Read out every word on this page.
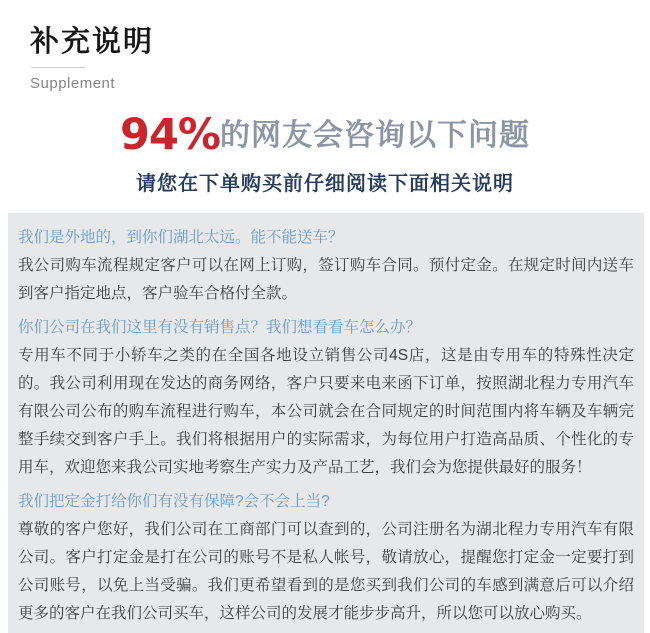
补充说明
Supplement
94%的网友会咨询以下问题
请您在下单购买前仔细阅读下面相关说明
我们是外地的，到你们湖北太远。能不能送车？
我公司购车流程规定客户可以在网上订购，签订购车合同。预付定金。在规定时间内送车到客户指定地点，客户验车合格付全款。
你们公司在我们这里有没有销售点？我们想看看车怎么办？
专用车不同于小轿车之类的在全国各地设立销售公司4S店，这是由专用车的特殊性决定的。我公司利用现在发达的商务网络，客户只要来电来函下订单，按照湖北程力专用汽车有限公司公布的购车流程进行购车，本公司就会在合同规定的时间范围内将车辆及车辆完整手续交到客户手上。我们将根据用户的实际需求，为每位用户打造高品质、个性化的专用车，欢迎您来我公司实地考察生产实力及产品工艺，我们会为您提供最好的服务！
我们把定金打给你们有没有保障?会不会上当?
尊敬的客户您好，我们公司在工商部门可以查到的，公司注册名为湖北程力专用汽车有限公司。客户打定金是打在公司的账号不是私人帐号，敬请放心，提醒您打定金一定要打到公司账号，以免上当受骗。我们更希望看到的是您买到我们公司的车感到满意后可以介绍更多的客户在我们公司买车，这样公司的发展才能步步高升，所以您可以放心购买。
